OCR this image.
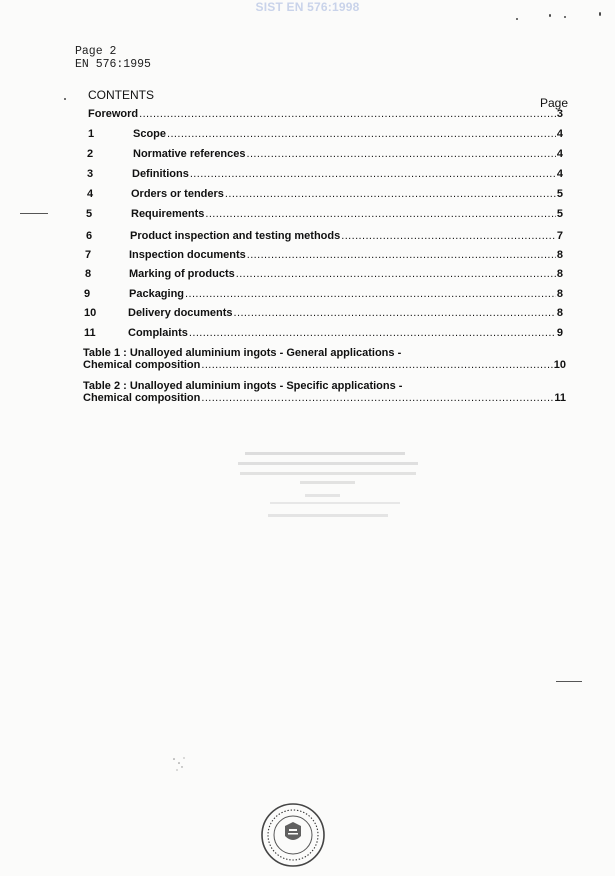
SIST EN 576:1998
Page 2
EN 576:1995
CONTENTS
Page
Foreword .....	3
1	Scope .....	4
2	Normative references .....	4
3	Definitions .....	4
4	Orders or tenders .....	5
5	Requirements .....	5
6	Product inspection and testing methods .....	7
7	Inspection documents .....	8
8	Marking of products .....	8
9	Packaging .....	8
10	Delivery documents .....	8
11	Complaints .....	9
Table 1 : Unalloyed aluminium ingots - General applications -
Chemical composition .....	10
Table 2 : Unalloyed aluminium ingots - Specific applications -
Chemical composition .....	11
